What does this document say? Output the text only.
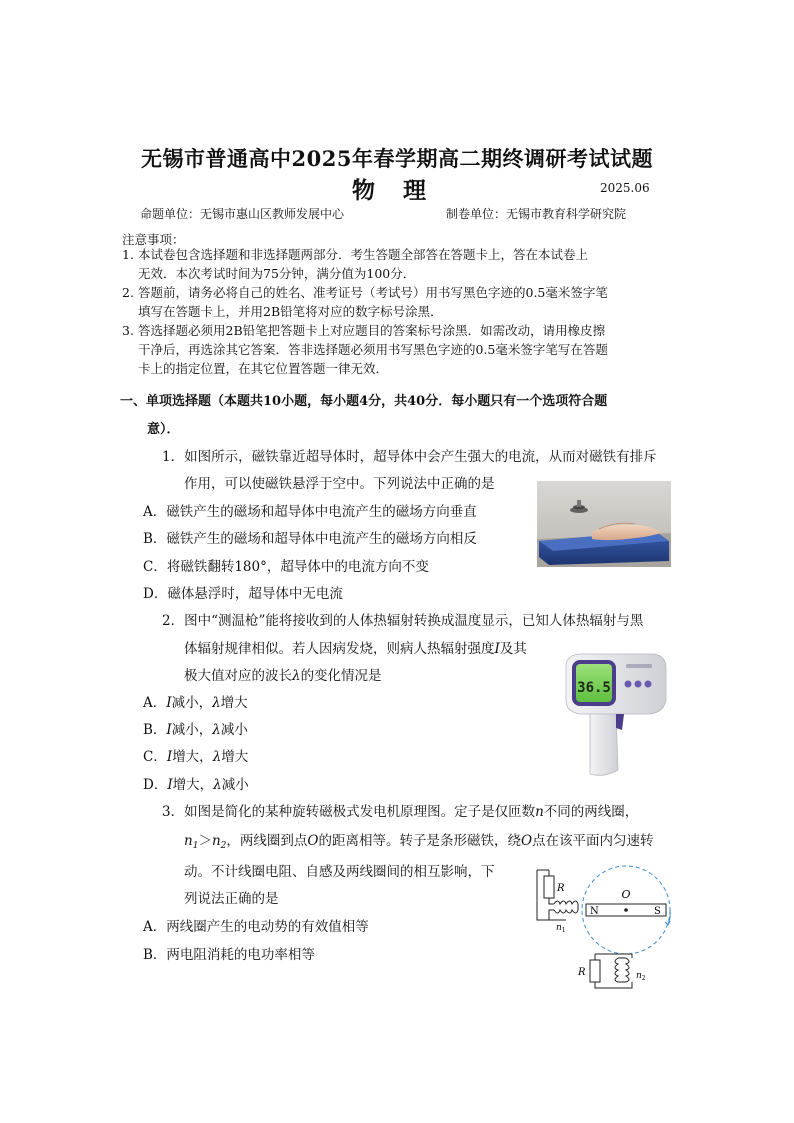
无锡市普通高中2025年春学期高二期终调研考试试题
物理	2025.06
命题单位：无锡市惠山区教师发展中心	制卷单位：无锡市教育科学研究院
注意事项：
1. 本试卷包含选择题和非选择题两部分．考生答题全部答在答题卡上，答在本试卷上
无效．本次考试时间为75分钟，满分值为100分．
2. 答题前，请务必将自己的姓名、准考证号（考试号）用书写黑色字迹的0.5毫米签字笔
填写在答题卡上，并用2B铅笔将对应的数字标号涂黑．
3. 答选择题必须用2B铅笔把答题卡上对应题目的答案标号涂黑．如需改动，请用橡皮擦
干净后，再选涂其它答案．答非选择题必须用书写黑色字迹的0.5毫米签字笔写在答题
卡上的指定位置，在其它位置答题一律无效．
一、单项选择题（本题共10小题，每小题4分，共40分．每小题只有一个选项符合题
意）．
1．如图所示，磁铁靠近超导体时，超导体中会产生强大的电流，从而对磁铁有排斥
作用，可以使磁铁悬浮于空中。下列说法中正确的是
A．磁铁产生的磁场和超导体中电流产生的磁场方向垂直
B．磁铁产生的磁场和超导体中电流产生的磁场方向相反
C．将磁铁翻转180°，超导体中的电流方向不变
D．磁体悬浮时，超导体中无电流
2．图中“测温枪”能将接收到的人体热辐射转换成温度显示，已知人体热辐射与黑
体辐射规律相似。若人因病发烧，则病人热辐射强度I及其
极大值对应的波长λ的变化情况是
A．I减小，λ增大
B．I减小，λ减小
C．I增大，λ增大
D．I增大，λ减小
36.5
3．如图是简化的某种旋转磁极式发电机原理图。定子是仅匝数n不同的两线圈，
$n_1>n_2$，两线圈到点O的距离相等。转子是条形磁铁，绕O点在该平面内匀速转
动。不计线圈电阻、自感及两线圈间的相互影响，下
列说法正确的是
A．两线圈产生的电动势的有效值相等
B．两电阻消耗的电功率相等
O
N	S
R
R
$n_1$
$n_2$
